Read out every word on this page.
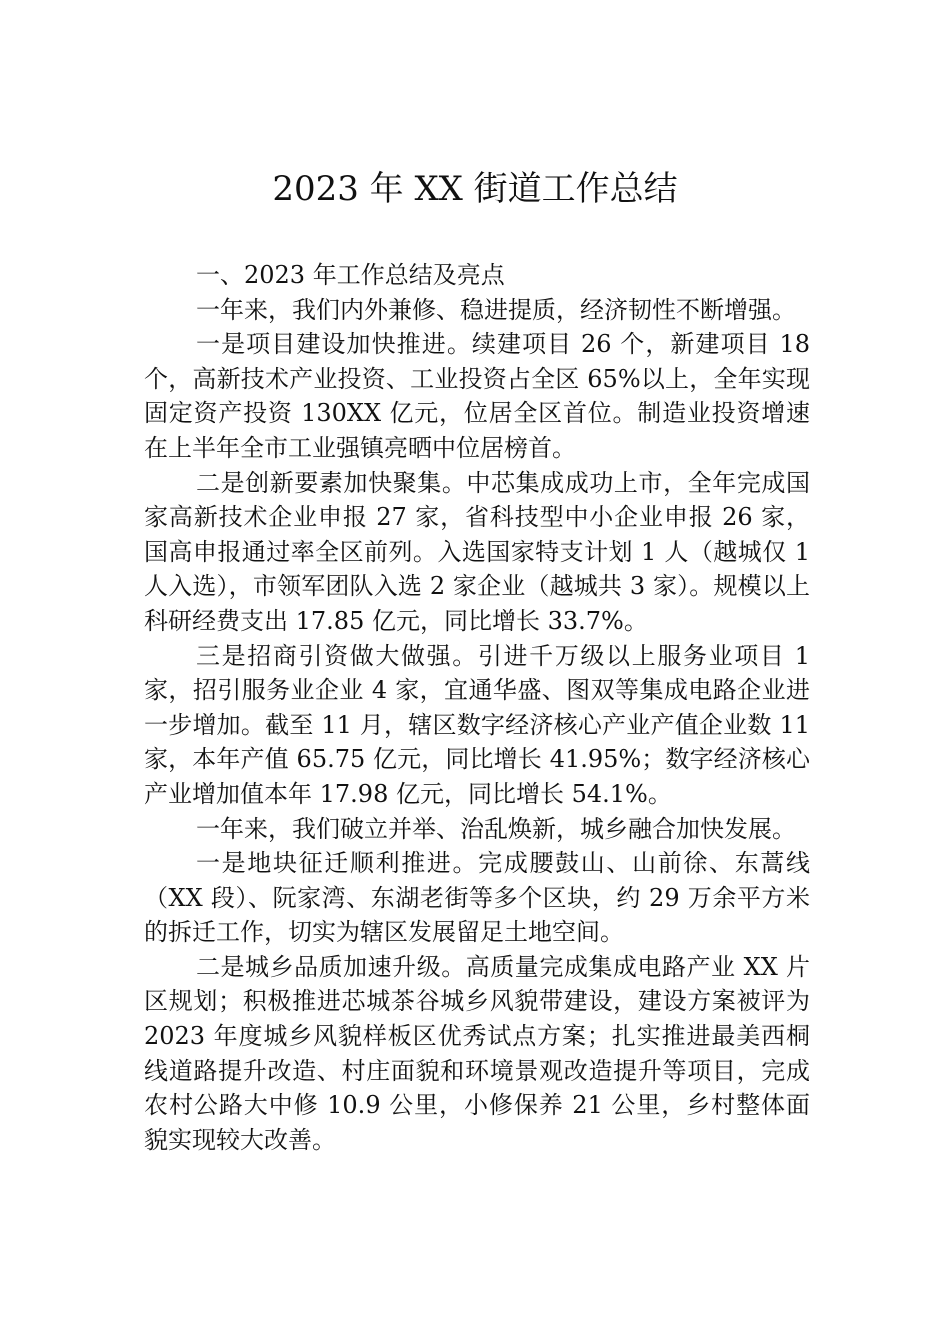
2023 年 XX 街道工作总结

一、2023 年工作总结及亮点

一年来，我们内外兼修、稳进提质，经济韧性不断增强。

一是项目建设加快推进。续建项目 26 个，新建项目 18 个，高新技术产业投资、工业投资占全区 65%以上，全年实现固定资产投资 130XX 亿元，位居全区首位。制造业投资增速在上半年全市工业强镇亮晒中位居榜首。

二是创新要素加快聚集。中芯集成成功上市，全年完成国家高新技术企业申报 27 家，省科技型中小企业申报 26 家，国高申报通过率全区前列。入选国家特支计划 1 人（越城仅 1 人入选），市领军团队入选 2 家企业（越城共 3 家）。规模以上科研经费支出 17.85 亿元，同比增长 33.7%。

三是招商引资做大做强。引进千万级以上服务业项目 1 家，招引服务业企业 4 家，宜通华盛、图双等集成电路企业进一步增加。截至 11 月，辖区数字经济核心产业产值企业数 11 家，本年产值 65.75 亿元，同比增长 41.95%；数字经济核心产业增加值本年 17.98 亿元，同比增长 54.1%。

一年来，我们破立并举、治乱焕新，城乡融合加快发展。

一是地块征迁顺利推进。完成腰鼓山、山前徐、东蒿线（XX 段）、阮家湾、东湖老街等多个区块，约 29 万余平方米的拆迁工作，切实为辖区发展留足土地空间。

二是城乡品质加速升级。高质量完成集成电路产业 XX 片区规划；积极推进芯城茶谷城乡风貌带建设，建设方案被评为 2023 年度城乡风貌样板区优秀试点方案；扎实推进最美西桐线道路提升改造、村庄面貌和环境景观改造提升等项目，完成农村公路大中修 10.9 公里，小修保养 21 公里，乡村整体面貌实现较大改善。
